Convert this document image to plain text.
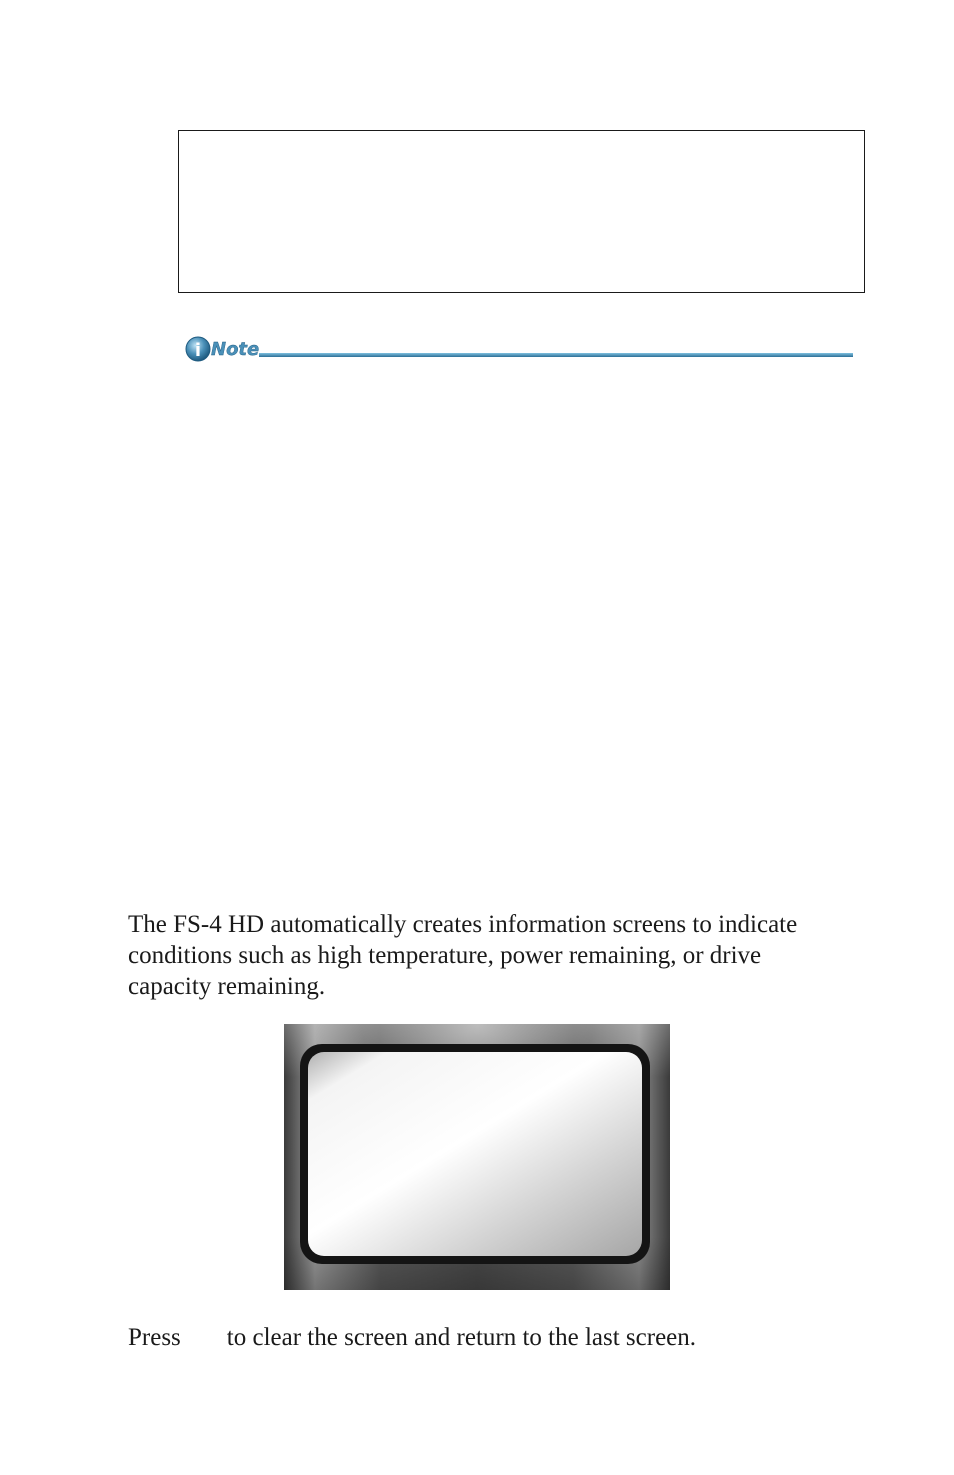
i Note

The FS-4 HD automatically creates information screens to indicate conditions such as high temperature, power remaining, or drive capacity remaining.

Press to clear the screen and return to the last screen.
